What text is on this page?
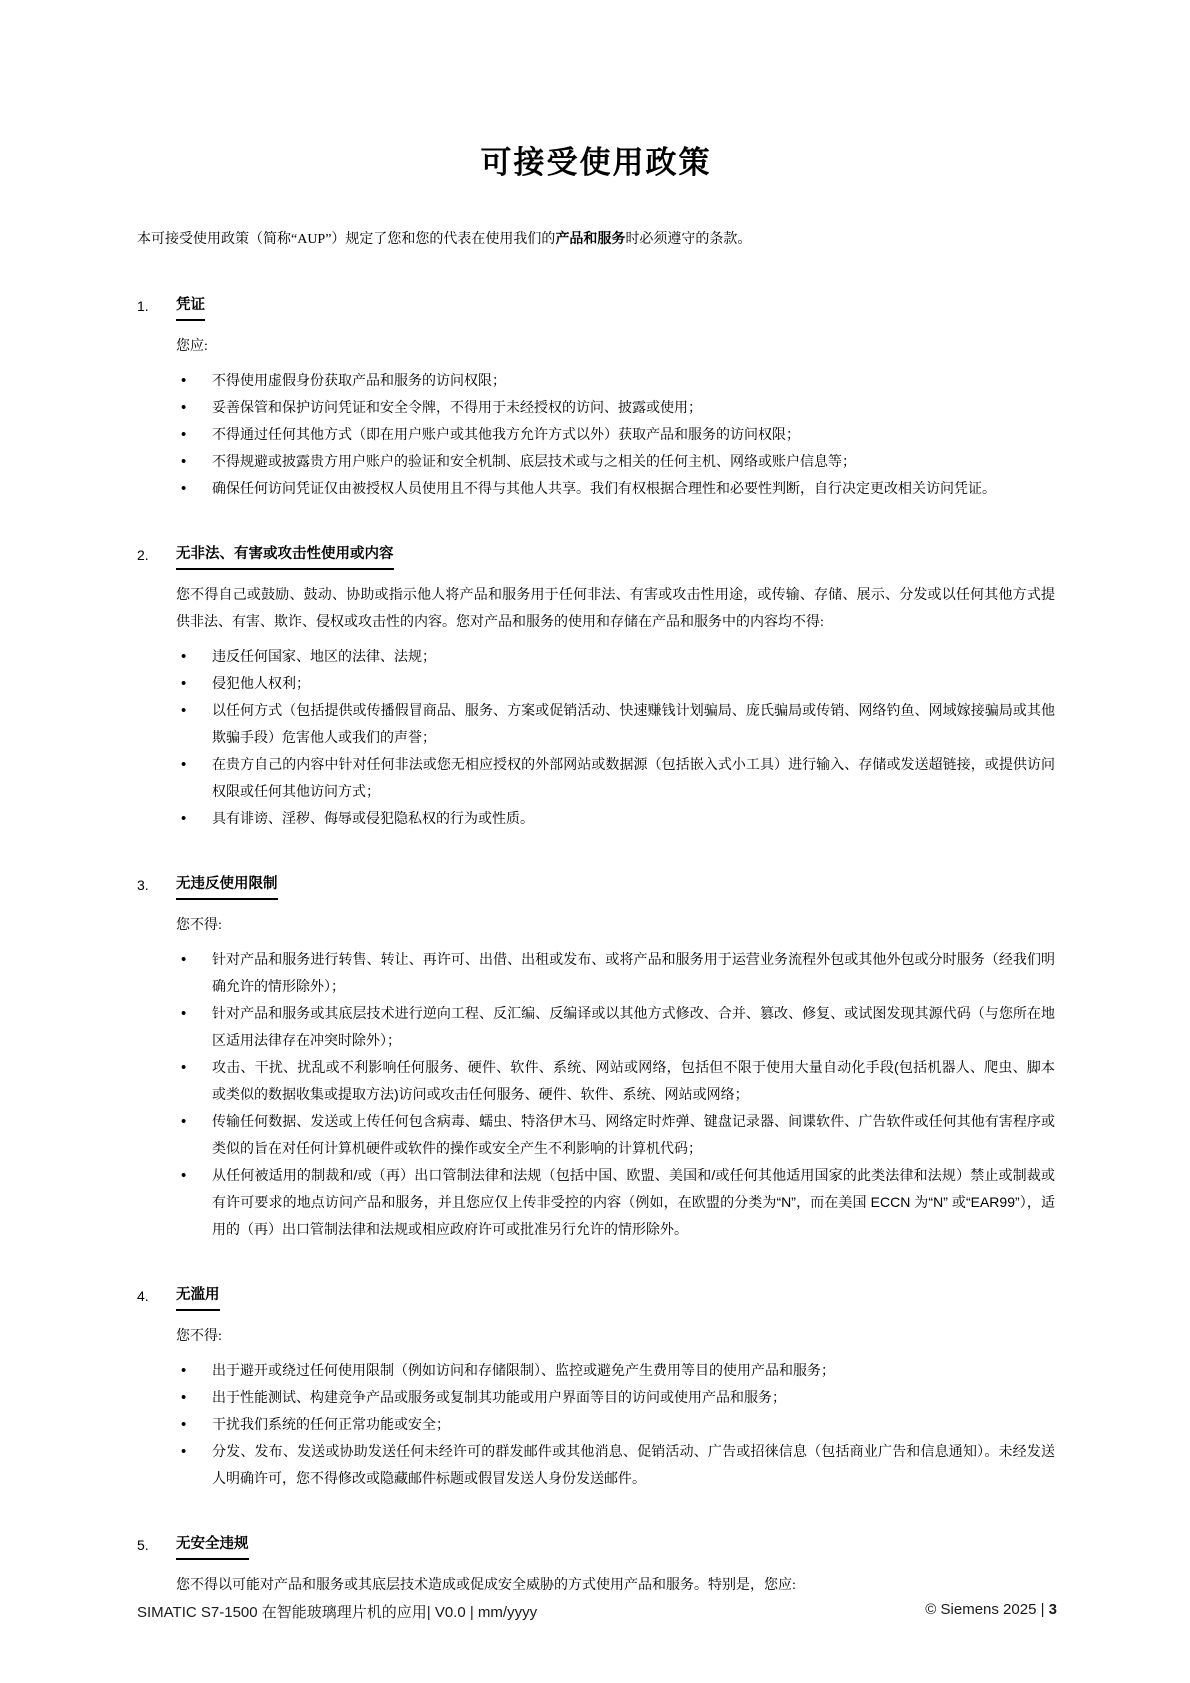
可接受使用政策

本可接受使用政策（简称“AUP”）规定了您和您的代表在使用我们的产品和服务时必须遵守的条款。

1.	凭证

您应:

•
不得使用虚假身份获取产品和服务的访问权限；
•
妥善保管和保护访问凭证和安全令牌，不得用于未经授权的访问、披露或使用；
•
不得通过任何其他方式（即在用户账户或其他我方允许方式以外）获取产品和服务的访问权限；
•
不得规避或披露贵方用户账户的验证和安全机制、底层技术或与之相关的任何主机、网络或账户信息等；
•
确保任何访问凭证仅由被授权人员使用且不得与其他人共享。我们有权根据合理性和必要性判断，自行决定更改相关访问凭证。
2.	无非法、有害或攻击性使用或内容

您不得自己或鼓励、鼓动、协助或指示他人将产品和服务用于任何非法、有害或攻击性用途，或传输、存储、展示、分发或以任何其他方式提供非法、有害、欺诈、侵权或攻击性的内容。您对产品和服务的使用和存储在产品和服务中的内容均不得:

•
违反任何国家、地区的法律、法规；
•
侵犯他人权利；
•
以任何方式（包括提供或传播假冒商品、服务、方案或促销活动、快速赚钱计划骗局、庞氏骗局或传销、网络钓鱼、网域嫁接骗局或其他欺骗手段）危害他人或我们的声誉；
•
在贵方自己的内容中针对任何非法或您无相应授权的外部网站或数据源（包括嵌入式小工具）进行输入、存储或发送超链接，或提供访问权限或任何其他访问方式；
•
具有诽谤、淫秽、侮辱或侵犯隐私权的行为或性质。
3.	无违反使用限制

您不得:

•
针对产品和服务进行转售、转让、再许可、出借、出租或发布、或将产品和服务用于运营业务流程外包或其他外包或分时服务（经我们明确允许的情形除外）；
•
针对产品和服务或其底层技术进行逆向工程、反汇编、反编译或以其他方式修改、合并、篡改、修复、或试图发现其源代码（与您所在地区适用法律存在冲突时除外）；
•
攻击、干扰、扰乱或不利影响任何服务、硬件、软件、系统、网站或网络，包括但不限于使用大量自动化手段(包括机器人、爬虫、脚本或类似的数据收集或提取方法)访问或攻击任何服务、硬件、软件、系统、网站或网络；
•
传输任何数据、发送或上传任何包含病毒、蠕虫、特洛伊木马、网络定时炸弹、键盘记录器、间谍软件、广告软件或任何其他有害程序或类似的旨在对任何计算机硬件或软件的操作或安全产生不利影响的计算机代码；
•
从任何被适用的制裁和/或（再）出口管制法律和法规（包括中国、欧盟、美国和/或任何其他适用国家的此类法律和法规）禁止或制裁或有许可要求的地点访问产品和服务，并且您应仅上传非受控的内容（例如，在欧盟的分类为“N”，而在美国 ECCN 为“N” 或“EAR99”），适用的（再）出口管制法律和法规或相应政府许可或批准另行允许的情形除外。
4.	无滥用

您不得:

•
出于避开或绕过任何使用限制（例如访问和存储限制）、监控或避免产生费用等目的使用产品和服务；
•
出于性能测试、构建竞争产品或服务或复制其功能或用户界面等目的访问或使用产品和服务；
•
干扰我们系统的任何正常功能或安全；
•
分发、发布、发送或协助发送任何未经许可的群发邮件或其他消息、促销活动、广告或招徕信息（包括商业广告和信息通知）。未经发送人明确许可，您不得修改或隐藏邮件标题或假冒发送人身份发送邮件。
5.	无安全违规

您不得以可能对产品和服务或其底层技术造成或促成安全威胁的方式使用产品和服务。特别是，您应:

SIMATIC S7-1500 在智能玻璃理片机的应用| V0.0 | mm/yyyy	© Siemens 2025 | 3
